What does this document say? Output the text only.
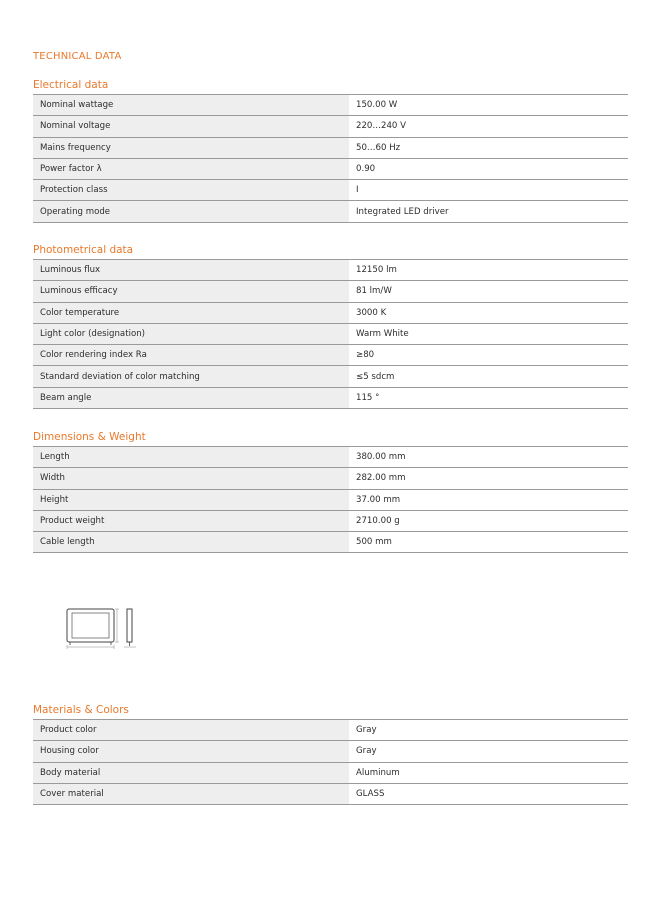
TECHNICAL DATA
Electrical data
Nominal wattage	150.00 W
Nominal voltage	220…240 V
Mains frequency	50…60 Hz
Power factor λ	0.90
Protection class	I
Operating mode	Integrated LED driver
Photometrical data
Luminous flux	12150 lm
Luminous efficacy	81 lm/W
Color temperature	3000 K
Light color (designation)	Warm White
Color rendering index Ra	≥80
Standard deviation of color matching	≤5 sdcm
Beam angle	115 °
Dimensions & Weight
Length	380.00 mm
Width	282.00 mm
Height	37.00 mm
Product weight	2710.00 g
Cable length	500 mm
Materials & Colors
Product color	Gray
Housing color	Gray
Body material	Aluminum
Cover material	GLASS
